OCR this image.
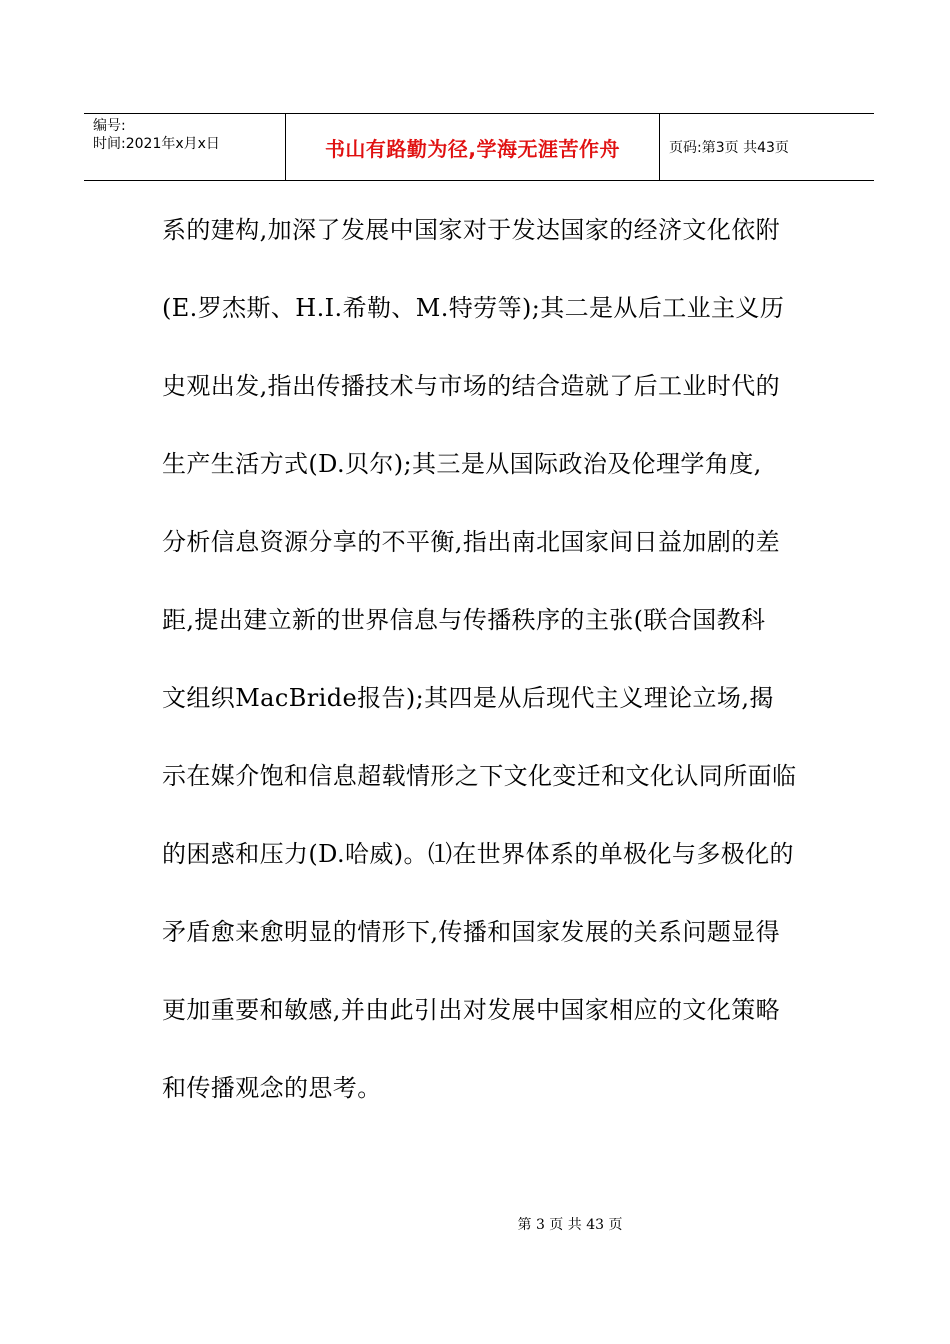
编号:
时间:2021年x月x日	书山有路勤为径,学海无涯苦作舟	页码:第3页 共43页
系的建构,加深了发展中国家对于发达国家的经济文化依附
(E.罗杰斯、H.I.希勒、M.特劳等);其二是从后工业主义历
史观出发,指出传播技术与市场的结合造就了后工业时代的
生产生活方式(D.贝尔);其三是从国际政治及伦理学角度,
分析信息资源分享的不平衡,指出南北国家间日益加剧的差
距,提出建立新的世界信息与传播秩序的主张(联合国教科
文组织MacBride报告);其四是从后现代主义理论立场,揭
示在媒介饱和信息超载情形之下文化变迁和文化认同所面临
的困惑和压力(D.哈威)。⑴在世界体系的单极化与多极化的
矛盾愈来愈明显的情形下,传播和国家发展的关系问题显得
更加重要和敏感,并由此引出对发展中国家相应的文化策略
和传播观念的思考。
第 3 页 共 43 页
